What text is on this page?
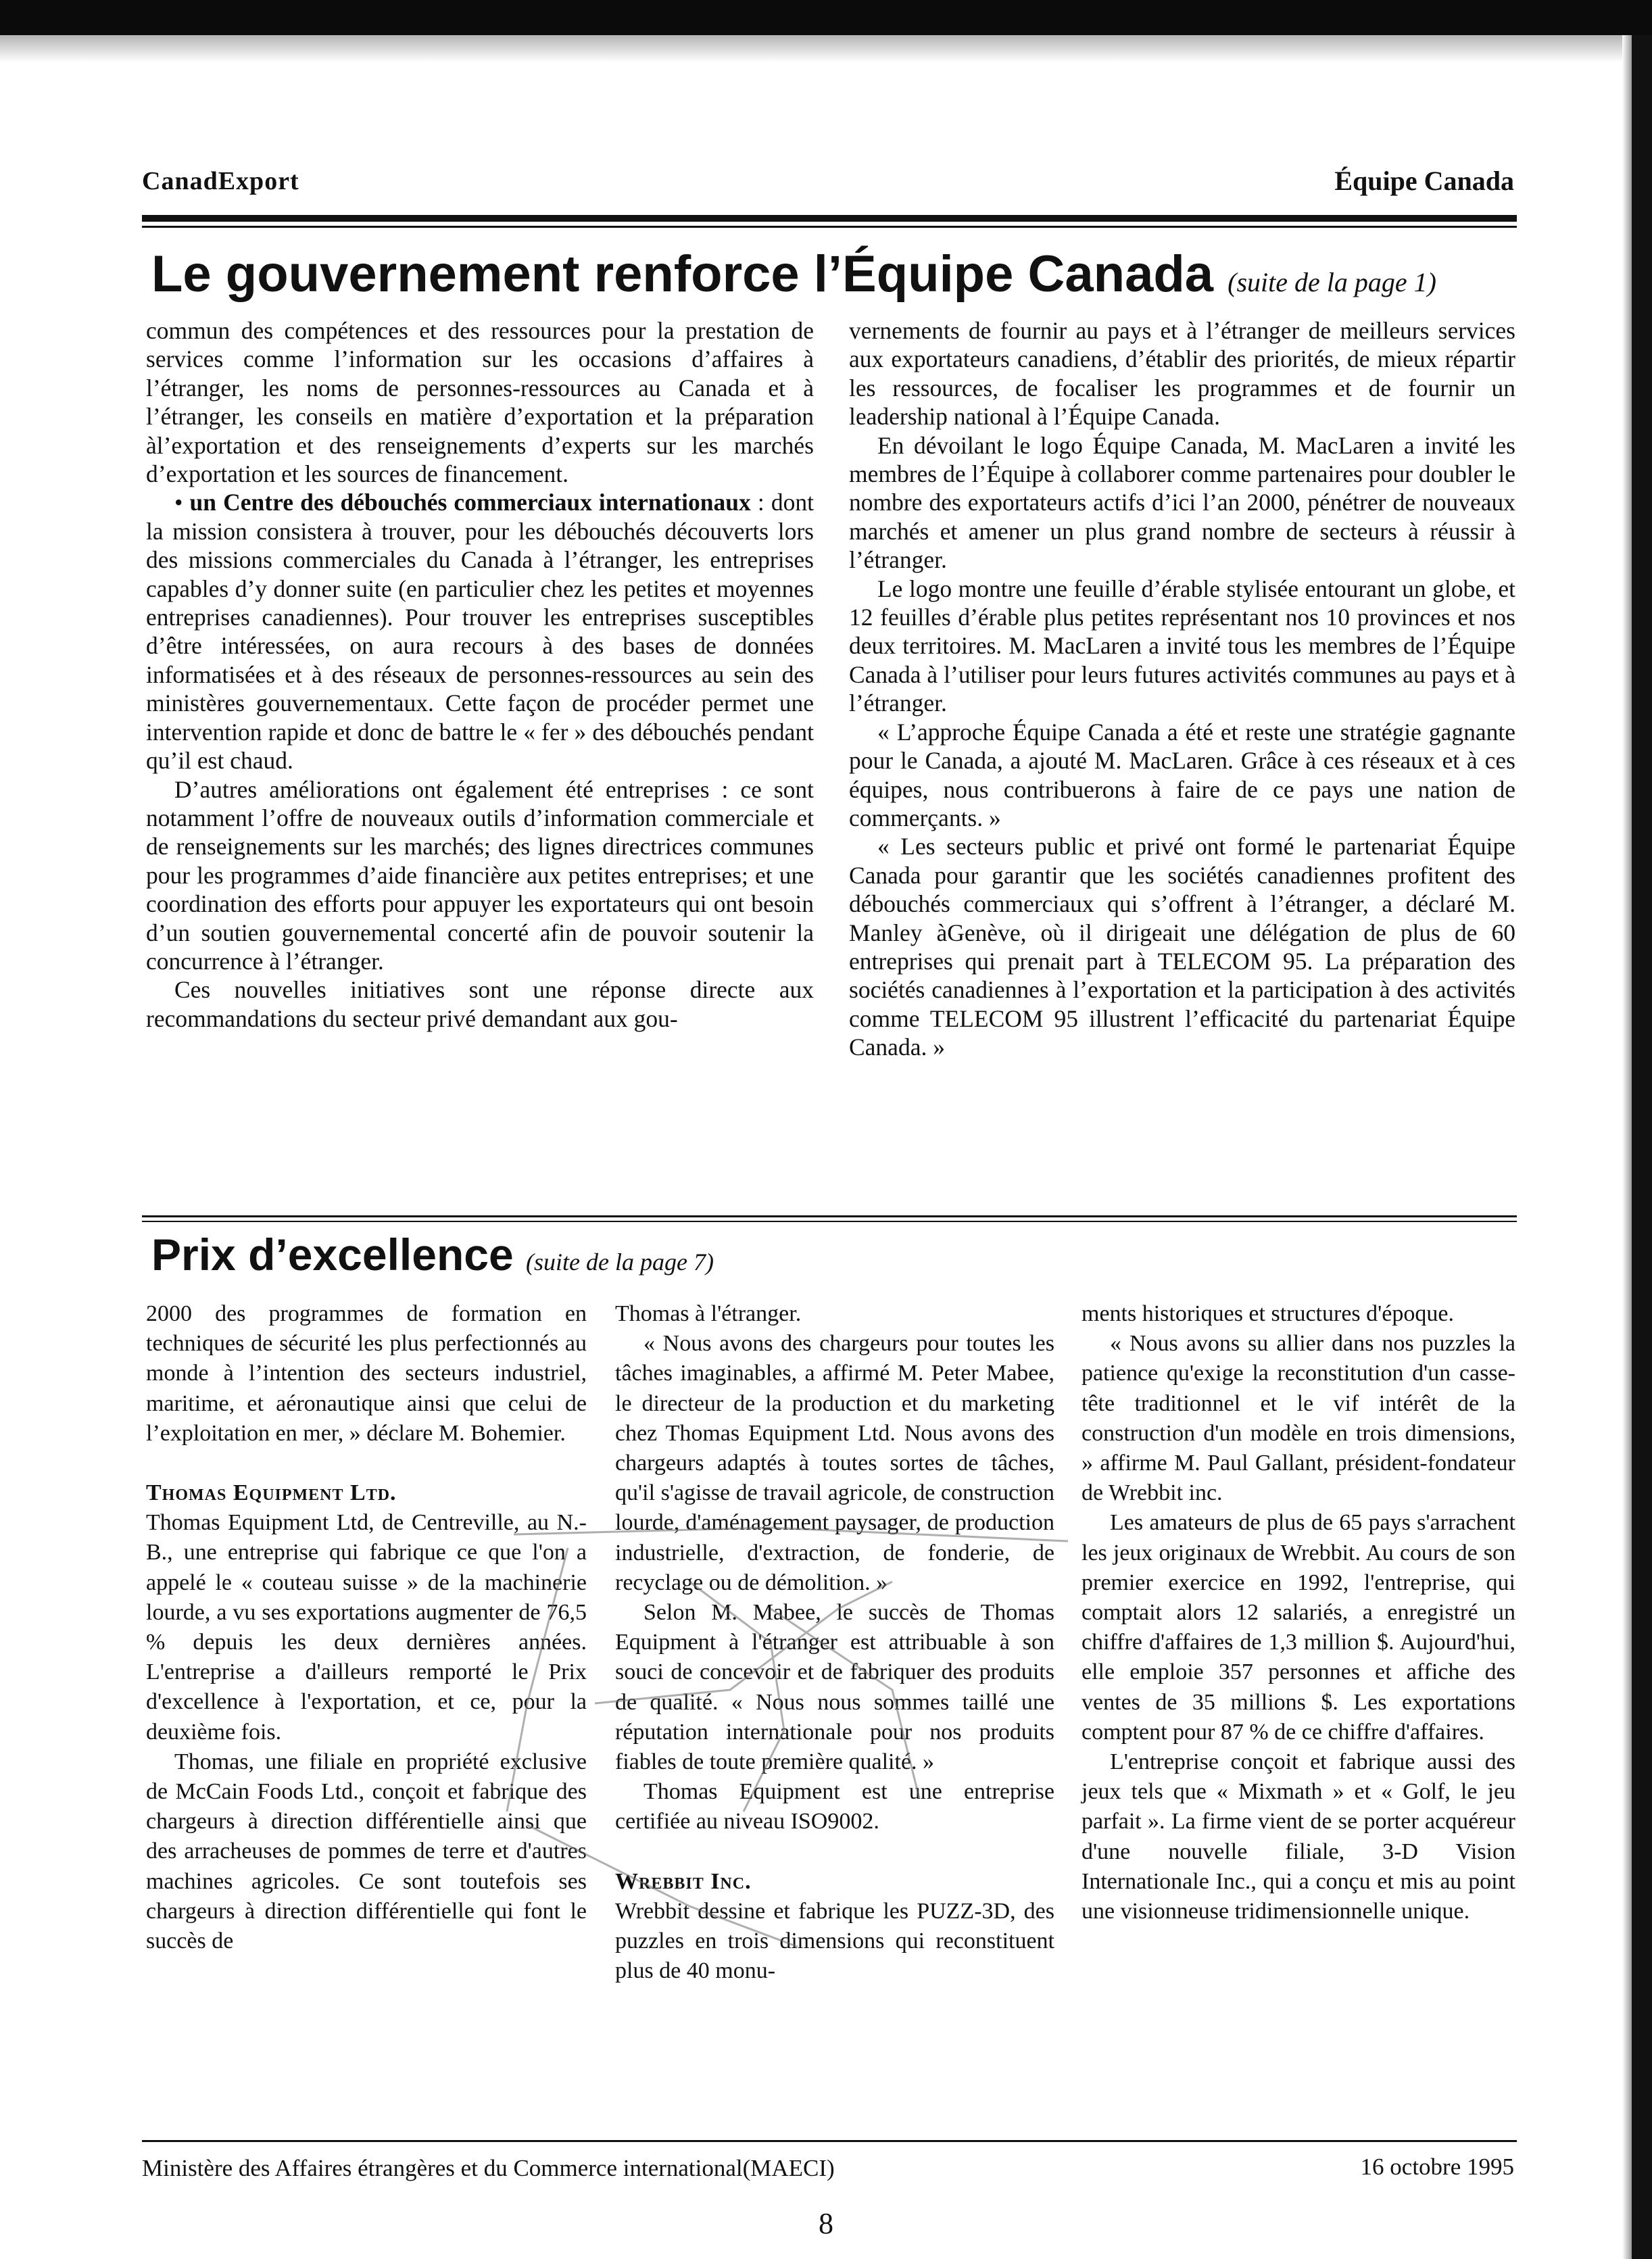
CanadExport	Équipe Canada
Le gouvernement renforce l’Équipe Canada (suite de la page 1)

commun des compétences et des ressources pour la prestation de services comme l’information sur les occasions d’affaires à l’étranger, les noms de personnes-ressources au Canada et à l’étranger, les conseils en matière d’exportation et la préparation àl’exportation et des renseignements d’experts sur les marchés d’exportation et les sources de financement.

• un Centre des débouchés commerciaux internationaux : dont la mission consistera à trouver, pour les débouchés découverts lors des missions commerciales du Canada à l’étranger, les entreprises capables d’y donner suite (en particulier chez les petites et moyennes entreprises canadiennes). Pour trouver les entreprises susceptibles d’être intéressées, on aura recours à des bases de données informatisées et à des réseaux de personnes-ressources au sein des ministères gouvernementaux. Cette façon de procéder permet une intervention rapide et donc de battre le « fer » des débouchés pendant qu’il est chaud.

D’autres améliorations ont également été entreprises : ce sont notamment l’offre de nouveaux outils d’information commerciale et de renseignements sur les marchés; des lignes directrices communes pour les programmes d’aide financière aux petites entreprises; et une coordination des efforts pour appuyer les exportateurs qui ont besoin d’un soutien gouvernemental concerté afin de pouvoir soutenir la concurrence à l’étranger.

Ces nouvelles initiatives sont une réponse directe aux recommandations du secteur privé demandant aux gou-

vernements de fournir au pays et à l’étranger de meilleurs services aux exportateurs canadiens, d’établir des priorités, de mieux répartir les ressources, de focaliser les programmes et de fournir un leadership national à l’Équipe Canada.

En dévoilant le logo Équipe Canada, M. MacLaren a invité les membres de l’Équipe à collaborer comme partenaires pour doubler le nombre des exportateurs actifs d’ici l’an 2000, pénétrer de nouveaux marchés et amener un plus grand nombre de secteurs à réussir à l’étranger.

Le logo montre une feuille d’érable stylisée entourant un globe, et 12 feuilles d’érable plus petites représentant nos 10 provinces et nos deux territoires. M. MacLaren a invité tous les membres de l’Équipe Canada à l’utiliser pour leurs futures activités communes au pays et à l’étranger.

« L’approche Équipe Canada a été et reste une stratégie gagnante pour le Canada, a ajouté M. MacLaren. Grâce à ces réseaux et à ces équipes, nous contribuerons à faire de ce pays une nation de commerçants. »

« Les secteurs public et privé ont formé le partenariat Équipe Canada pour garantir que les sociétés canadiennes profitent des débouchés commerciaux qui s’offrent à l’étranger, a déclaré M. Manley àGenève, où il dirigeait une délégation de plus de 60 entreprises qui prenait part à TELECOM 95. La préparation des sociétés canadiennes à l’exportation et la participation à des activités comme TELECOM 95 illustrent l’efficacité du partenariat Équipe Canada. »

Prix d’excellence (suite de la page 7)

2000 des programmes de formation en techniques de sécurité les plus perfectionnés au monde à l’intention des secteurs industriel, maritime, et aéronautique ainsi que celui de l’exploitation en mer, » déclare M. Bohemier.

Thomas Equipment Ltd.

Thomas Equipment Ltd, de Centreville, au N.-B., une entreprise qui fabrique ce que l'on a appelé le « couteau suisse » de la machinerie lourde, a vu ses exportations augmenter de 76,5 % depuis les deux dernières années. L'entreprise a d'ailleurs remporté le Prix d'excellence à l'exportation, et ce, pour la deuxième fois.

Thomas, une filiale en propriété exclusive de McCain Foods Ltd., conçoit et fabrique des chargeurs à direction différentielle ainsi que des arracheuses de pommes de terre et d'autres machines agricoles. Ce sont toutefois ses chargeurs à direction différentielle qui font le succès de

Thomas à l'étranger.

« Nous avons des chargeurs pour toutes les tâches imaginables, a affirmé M. Peter Mabee, le directeur de la production et du marketing chez Thomas Equipment Ltd. Nous avons des chargeurs adaptés à toutes sortes de tâches, qu'il s'agisse de travail agricole, de construction lourde, d'aménagement paysager, de production industrielle, d'extraction, de fonderie, de recyclage ou de démolition. »

Selon M. Mabee, le succès de Thomas Equipment à l'étranger est attribuable à son souci de concevoir et de fabriquer des produits de qualité. « Nous nous sommes taillé une réputation internationale pour nos produits fiables de toute première qualité. »

Thomas Equipment est une entreprise certifiée au niveau ISO9002.

Wrebbit Inc.

Wrebbit dessine et fabrique les PUZZ-3D, des puzzles en trois dimensions qui reconstituent plus de 40 monu-

ments historiques et structures d'époque.

« Nous avons su allier dans nos puzzles la patience qu'exige la reconstitution d'un casse-tête traditionnel et le vif intérêt de la construction d'un modèle en trois dimensions, » affirme M. Paul Gallant, président-fondateur de Wrebbit inc.

Les amateurs de plus de 65 pays s'arrachent les jeux originaux de Wrebbit. Au cours de son premier exercice en 1992, l'entreprise, qui comptait alors 12 salariés, a enregistré un chiffre d'affaires de 1,3 million $. Aujourd'hui, elle emploie 357 personnes et affiche des ventes de 35 millions $. Les exportations comptent pour 87 % de ce chiffre d'affaires.

L'entreprise conçoit et fabrique aussi des jeux tels que « Mixmath » et « Golf, le jeu parfait ». La firme vient de se porter acquéreur d'une nouvelle filiale, 3-D Vision Internationale Inc., qui a conçu et mis au point une visionneuse tridimensionnelle unique.

Ministère des Affaires étrangères et du Commerce international(MAECI)	16 octobre 1995
8
